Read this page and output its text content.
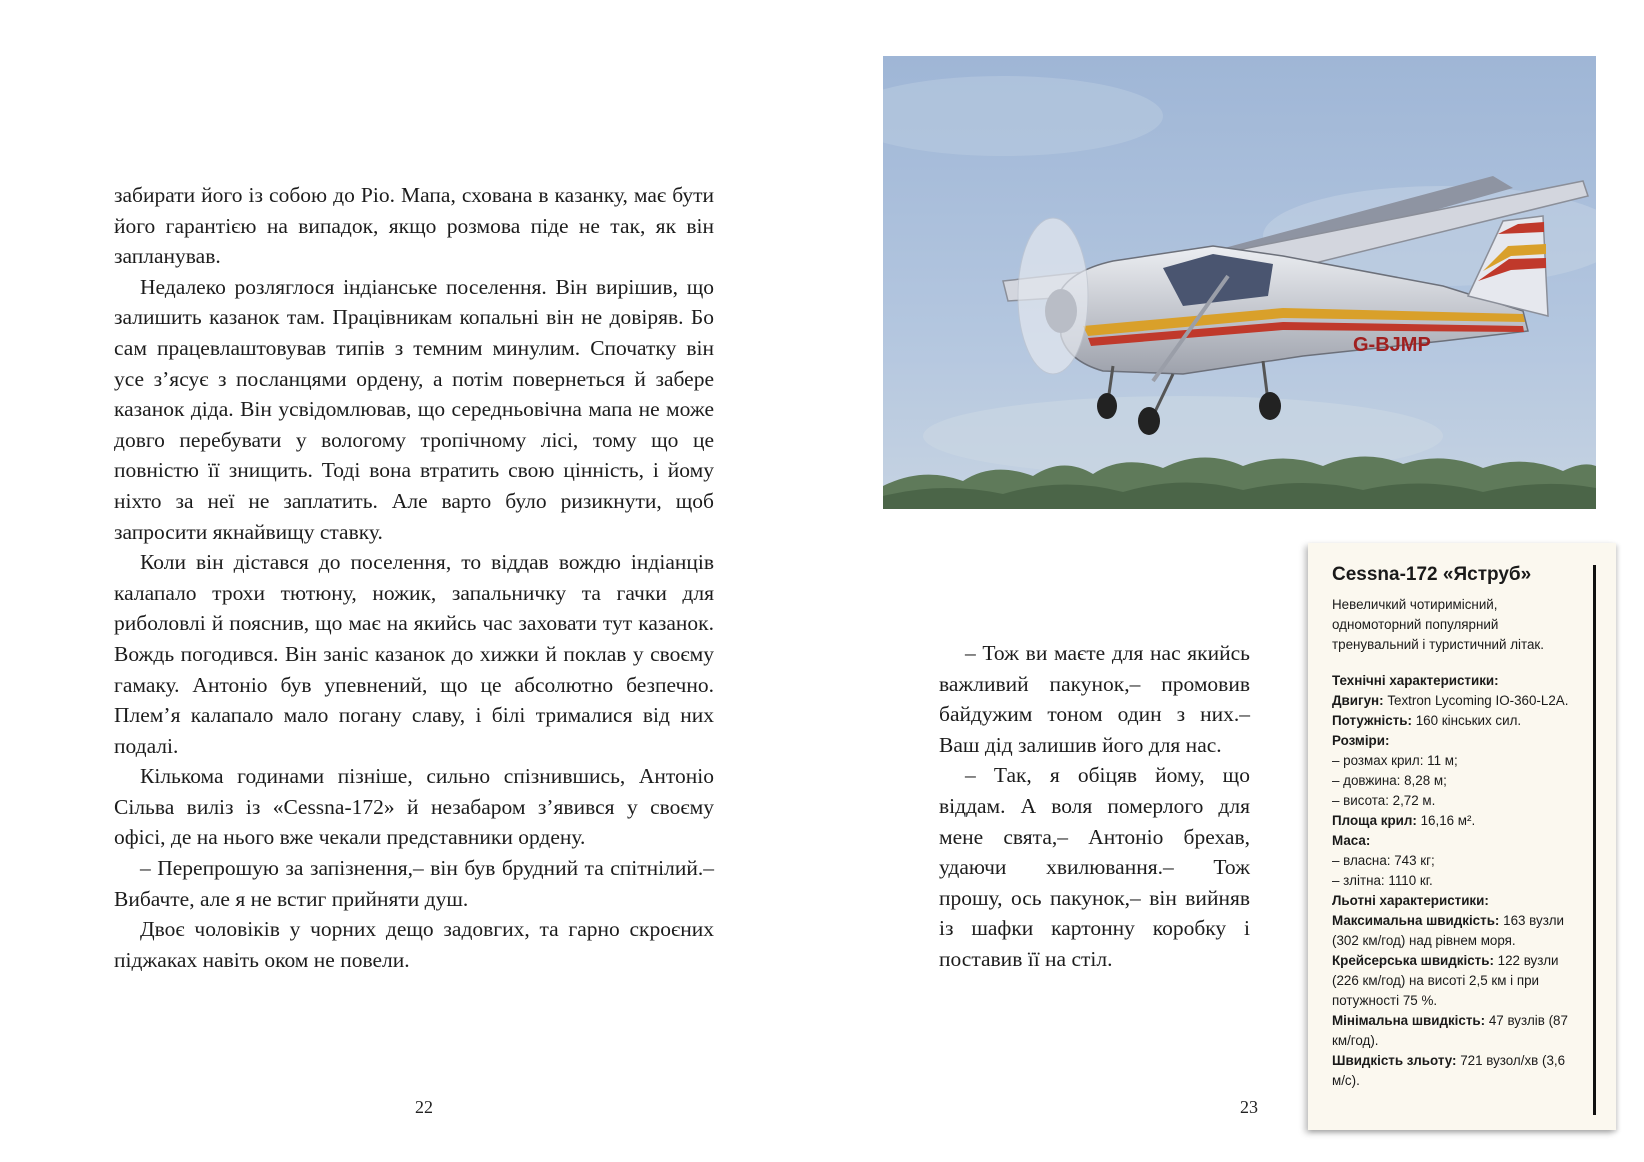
забирати його із собою до Ріо. Мапа, схована в казанку, має бути його гарантією на випадок, якщо розмова піде не так, як він запланував.

Недалеко розляглося індіанське поселення. Він вирішив, що залишить казанок там. Працівникам копальні він не довіряв. Бо сам працевлаштовував типів з темним минулим. Спочатку він усе з’ясує з посланцями ордену, а потім повернеться й забере казанок діда. Він усвідомлював, що середньовічна мапа не може довго перебувати у вологому тропічному лісі, тому що це повністю її знищить. Тоді вона втратить свою цінність, і йому ніхто за неї не заплатить. Але варто було ризикнути, щоб запросити якнайвищу ставку.

Коли він дістався до поселення, то віддав вождю індіанців калапало трохи тютюну, ножик, запальничку та гачки для риболовлі й пояснив, що має на якийсь час заховати тут казанок. Вождь погодився. Він заніс казанок до хижки й поклав у своєму гамаку. Антоніо був упевнений, що це абсолютно безпечно. Плем’я калапало мало погану славу, і білі трималися від них подалі.

Кількома годинами пізніше, сильно спізнившись, Антоніо Сільва виліз із «Cessna-172» й незабаром з’явився у своєму офісі, де на нього вже чекали представники ордену.

– Перепрошую за запізнення,– він був брудний та спітнілий.– Вибачте, але я не встиг прийняти душ.

Двоє чоловіків у чорних дещо задовгих, та гарно скроєних піджаках навіть оком не повели.

22
G-BJMP

– Тож ви маєте для нас якийсь важливий пакунок,– промовив байдужим тоном один з них.– Ваш дід залишив його для нас.

– Так, я обіцяв йому, що віддам. А воля померлого для мене свята,– Антоніо брехав, удаючи хвилювання.– Тож прошу, ось пакунок,– він вийняв із шафки картонну коробку і поставив її на стіл.

23
Cessna-172 «Яструб»

Невеличкий чотиримісний, одномоторний популярний тренувальний і туристичний літак.

Технічні характеристики:

Двигун: Textron Lycoming IO-360-L2A.

Потужність: 160 кінських сил.

Розміри:

– розмах крил: 11 м;

– довжина: 8,28 м;

– висота: 2,72 м.

Площа крил: 16,16 м².

Маса:

– власна: 743 кг;

– злітна: 1110 кг.

Льотні характеристики:

Максимальна швидкість: 163 вузли (302 км/год) над рівнем моря.

Крейсерська швидкість: 122 вузли (226 км/год) на висоті 2,5 км і при потужності 75 %.

Мінімальна швидкість: 47 вузлів (87 км/год).

Швидкість зльоту: 721 вузол/хв (3,6 м/с).
